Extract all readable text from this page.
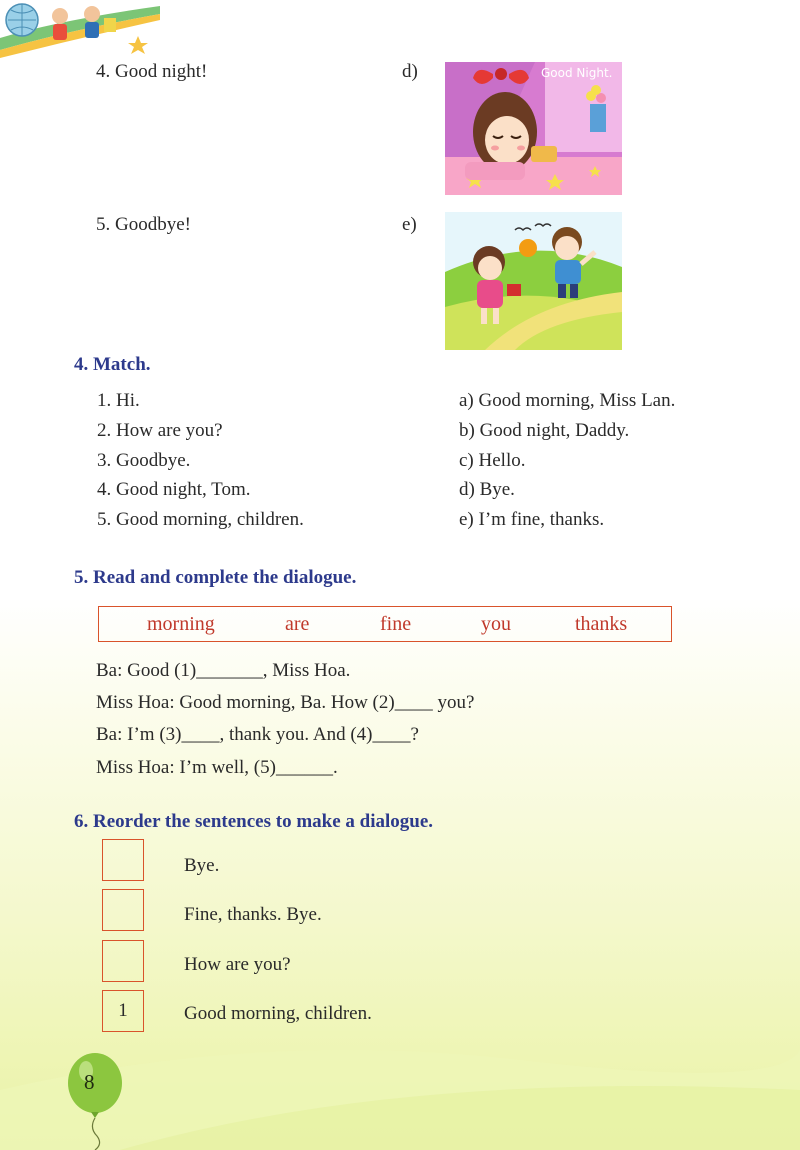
4. Good night!	d)	Good Night.
5. Goodbye!	e)
4. Match.
1. Hi.
2. How are you?
3. Goodbye.
4. Good night, Tom.
5. Good morning, children.
a) Good morning, Miss Lan.
b) Good night, Daddy.
c) Hello.
d) Bye.
e) I’m fine, thanks.
5. Read and complete the dialogue.
morning	are	fine	you	thanks
Ba: Good (1)_______, Miss Hoa.
Miss Hoa: Good morning, Ba. How (2)____ you?
Ba: I’m (3)____, thank you. And (4)____?
Miss Hoa: I’m well, (5)______.
6. Reorder the sentences to make a dialogue.
Bye.
Fine, thanks. Bye.
How are you?
1	Good morning, children.
8
